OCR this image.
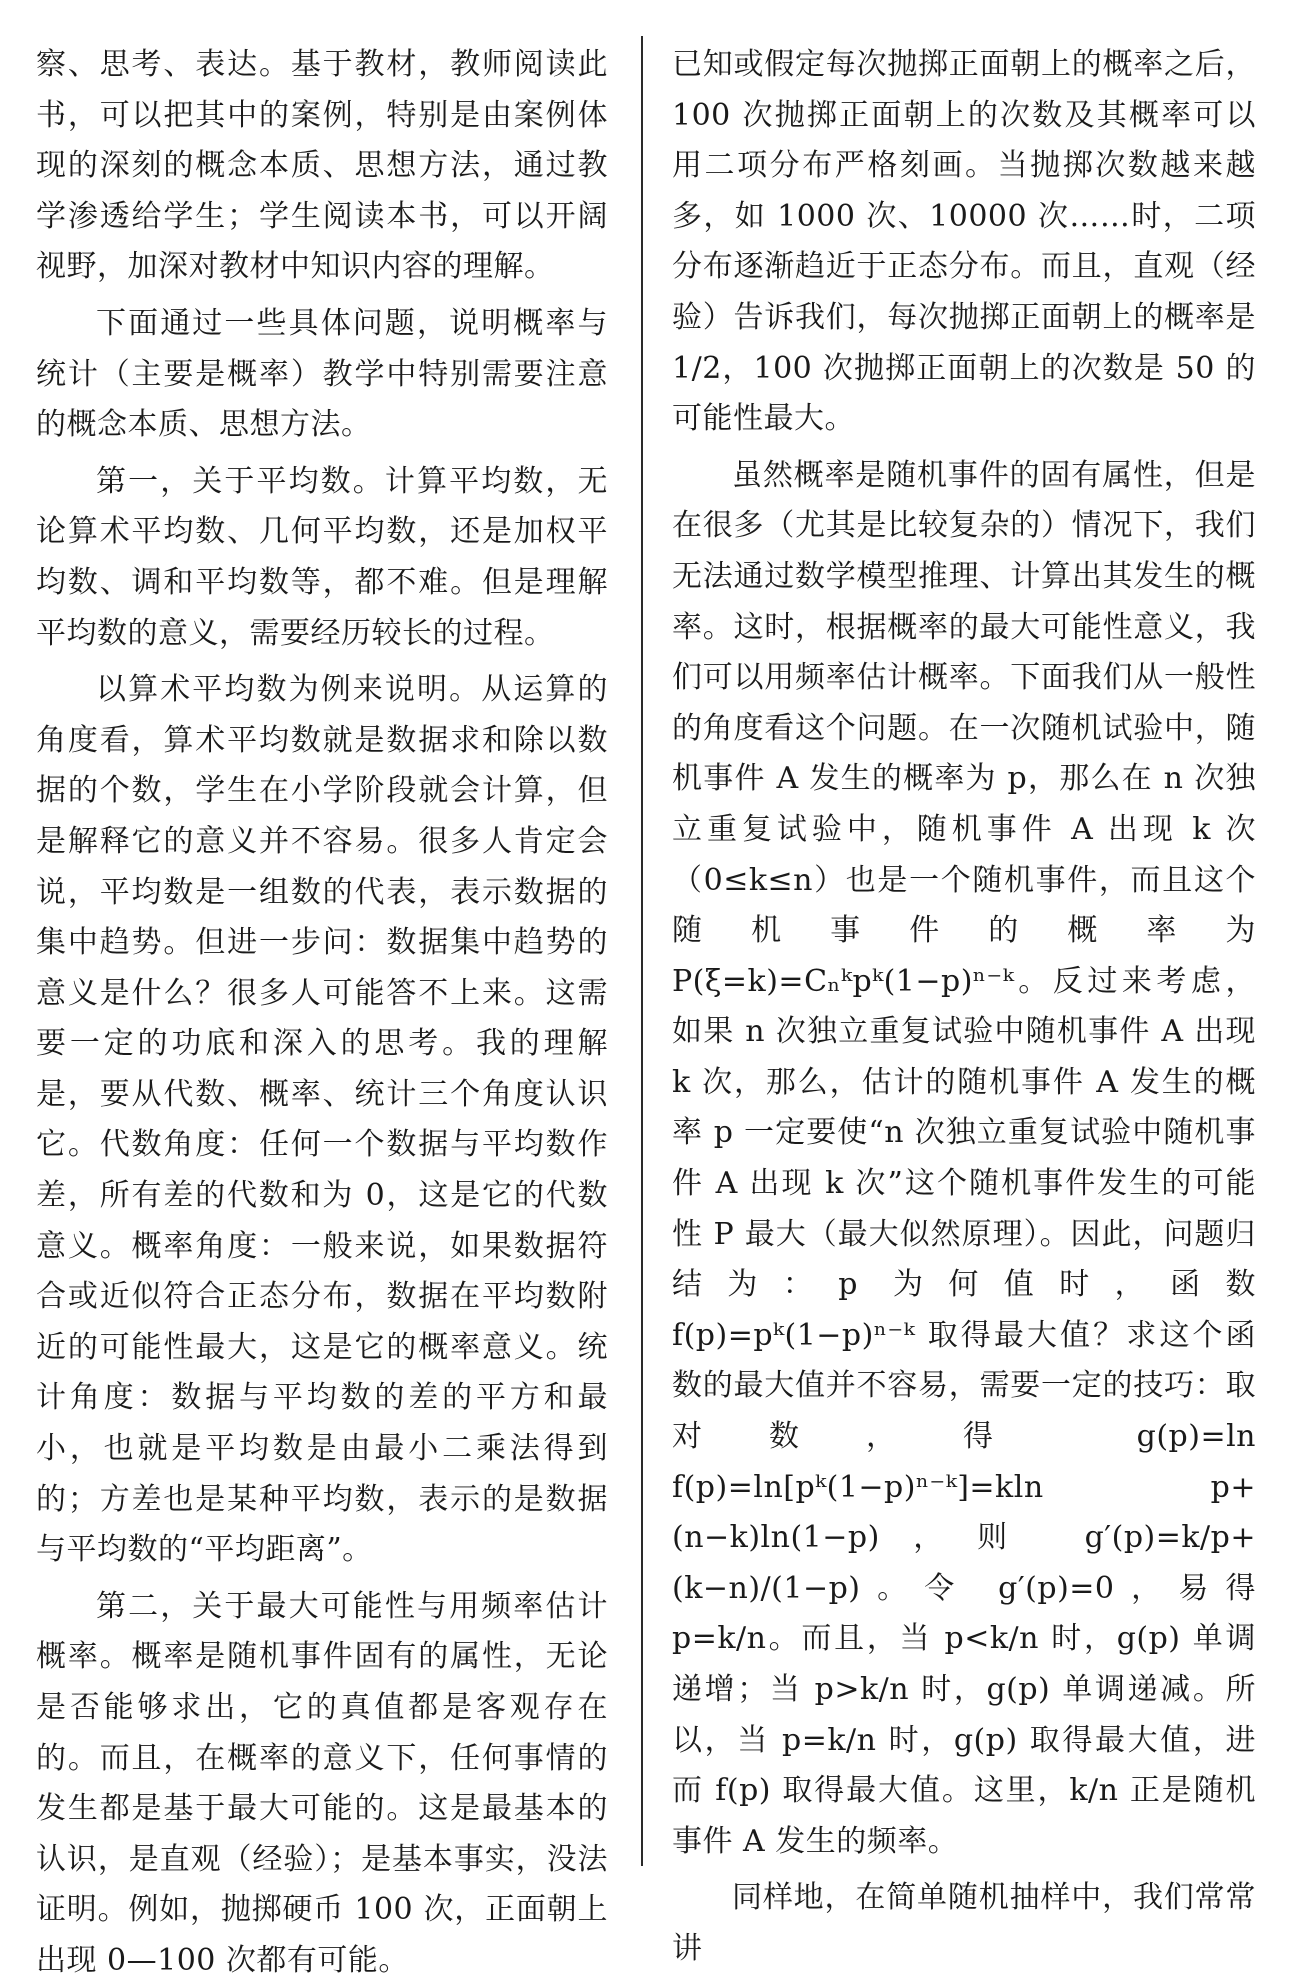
察、思考、表达。基于教材，教师阅读此书，可以把其中的案例，特别是由案例体现的深刻的概念本质、思想方法，通过教学渗透给学生；学生阅读本书，可以开阔视野，加深对教材中知识内容的理解。

下面通过一些具体问题，说明概率与统计（主要是概率）教学中特别需要注意的概念本质、思想方法。

第一，关于平均数。计算平均数，无论算术平均数、几何平均数，还是加权平均数、调和平均数等，都不难。但是理解平均数的意义，需要经历较长的过程。

以算术平均数为例来说明。从运算的角度看，算术平均数就是数据求和除以数据的个数，学生在小学阶段就会计算，但是解释它的意义并不容易。很多人肯定会说，平均数是一组数的代表，表示数据的集中趋势。但进一步问：数据集中趋势的意义是什么？很多人可能答不上来。这需要一定的功底和深入的思考。我的理解是，要从代数、概率、统计三个角度认识它。代数角度：任何一个数据与平均数作差，所有差的代数和为 0，这是它的代数意义。概率角度：一般来说，如果数据符合或近似符合正态分布，数据在平均数附近的可能性最大，这是它的概率意义。统计角度：数据与平均数的差的平方和最小，也就是平均数是由最小二乘法得到的；方差也是某种平均数，表示的是数据与平均数的“平均距离”。

第二，关于最大可能性与用频率估计概率。概率是随机事件固有的属性，无论是否能够求出，它的真值都是客观存在的。而且，在概率的意义下，任何事情的发生都是基于最大可能的。这是最基本的认识，是直观（经验）；是基本事实，没法证明。例如，抛掷硬币 100 次，正面朝上出现 0—100 次都有可能。

已知或假定每次抛掷正面朝上的概率之后，100 次抛掷正面朝上的次数及其概率可以用二项分布严格刻画。当抛掷次数越来越多，如 1000 次、10000 次……时，二项分布逐渐趋近于正态分布。而且，直观（经验）告诉我们，每次抛掷正面朝上的概率是 1/2，100 次抛掷正面朝上的次数是 50 的可能性最大。

虽然概率是随机事件的固有属性，但是在很多（尤其是比较复杂的）情况下，我们无法通过数学模型推理、计算出其发生的概率。这时，根据概率的最大可能性意义，我们可以用频率估计概率。下面我们从一般性的角度看这个问题。在一次随机试验中，随机事件 A 发生的概率为 p，那么在 n 次独立重复试验中，随机事件 A 出现 k 次（0≤k≤n）也是一个随机事件，而且这个随机事件的概率为 P(ξ=k)=Cₙᵏpᵏ(1−p)ⁿ⁻ᵏ。反过来考虑，如果 n 次独立重复试验中随机事件 A 出现 k 次，那么，估计的随机事件 A 发生的概率 p 一定要使“n 次独立重复试验中随机事件 A 出现 k 次”这个随机事件发生的可能性 P 最大（最大似然原理）。因此，问题归结为：p 为何值时，函数 f(p)=pᵏ(1−p)ⁿ⁻ᵏ 取得最大值？求这个函数的最大值并不容易，需要一定的技巧：取对数，得 g(p)=ln f(p)=ln[pᵏ(1−p)ⁿ⁻ᵏ]=kln p+(n−k)ln(1−p)，则 g′(p)=k/p+(k−n)/(1−p)。令 g′(p)=0，易得 p=k/n。而且，当 p<k/n 时，g(p) 单调递增；当 p>k/n 时，g(p) 单调递减。所以，当 p=k/n 时，g(p) 取得最大值，进而 f(p) 取得最大值。这里，k/n 正是随机事件 A 发生的频率。

同样地，在简单随机抽样中，我们常常讲
